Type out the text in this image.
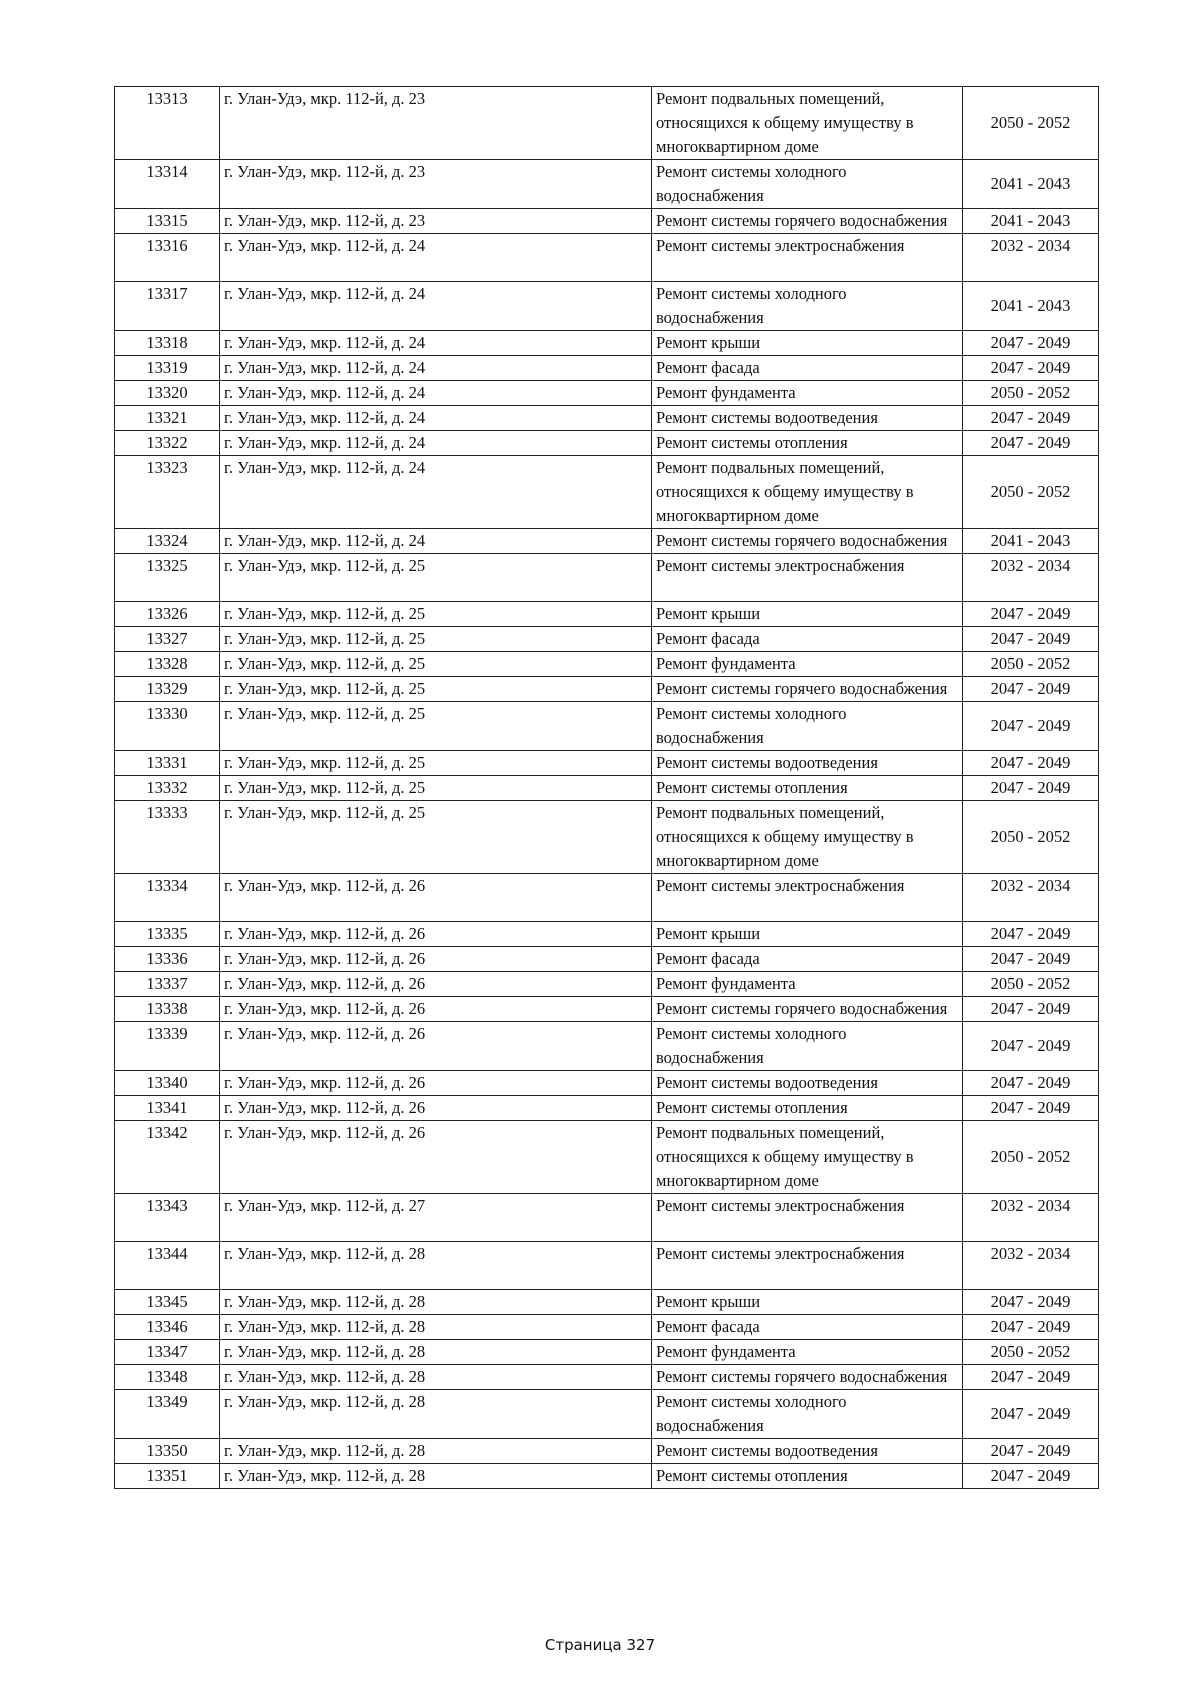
13313	г. Улан-Удэ, мкр. 112-й, д. 23	Ремонт подвальных помещений, относящихся к общему имуществу в многоквартирном доме	2050 - 2052
13314	г. Улан-Удэ, мкр. 112-й, д. 23	Ремонт системы холодного водоснабжения	2041 - 2043
13315	г. Улан-Удэ, мкр. 112-й, д. 23	Ремонт системы горячего водоснабжения	2041 - 2043
13316	г. Улан-Удэ, мкр. 112-й, д. 24	Ремонт системы электроснабжения	2032 - 2034
13317	г. Улан-Удэ, мкр. 112-й, д. 24	Ремонт системы холодного водоснабжения	2041 - 2043
13318	г. Улан-Удэ, мкр. 112-й, д. 24	Ремонт крыши	2047 - 2049
13319	г. Улан-Удэ, мкр. 112-й, д. 24	Ремонт фасада	2047 - 2049
13320	г. Улан-Удэ, мкр. 112-й, д. 24	Ремонт фундамента	2050 - 2052
13321	г. Улан-Удэ, мкр. 112-й, д. 24	Ремонт системы водоотведения	2047 - 2049
13322	г. Улан-Удэ, мкр. 112-й, д. 24	Ремонт системы отопления	2047 - 2049
13323	г. Улан-Удэ, мкр. 112-й, д. 24	Ремонт подвальных помещений, относящихся к общему имуществу в многоквартирном доме	2050 - 2052
13324	г. Улан-Удэ, мкр. 112-й, д. 24	Ремонт системы горячего водоснабжения	2041 - 2043
13325	г. Улан-Удэ, мкр. 112-й, д. 25	Ремонт системы электроснабжения	2032 - 2034
13326	г. Улан-Удэ, мкр. 112-й, д. 25	Ремонт крыши	2047 - 2049
13327	г. Улан-Удэ, мкр. 112-й, д. 25	Ремонт фасада	2047 - 2049
13328	г. Улан-Удэ, мкр. 112-й, д. 25	Ремонт фундамента	2050 - 2052
13329	г. Улан-Удэ, мкр. 112-й, д. 25	Ремонт системы горячего водоснабжения	2047 - 2049
13330	г. Улан-Удэ, мкр. 112-й, д. 25	Ремонт системы холодного водоснабжения	2047 - 2049
13331	г. Улан-Удэ, мкр. 112-й, д. 25	Ремонт системы водоотведения	2047 - 2049
13332	г. Улан-Удэ, мкр. 112-й, д. 25	Ремонт системы отопления	2047 - 2049
13333	г. Улан-Удэ, мкр. 112-й, д. 25	Ремонт подвальных помещений, относящихся к общему имуществу в многоквартирном доме	2050 - 2052
13334	г. Улан-Удэ, мкр. 112-й, д. 26	Ремонт системы электроснабжения	2032 - 2034
13335	г. Улан-Удэ, мкр. 112-й, д. 26	Ремонт крыши	2047 - 2049
13336	г. Улан-Удэ, мкр. 112-й, д. 26	Ремонт фасада	2047 - 2049
13337	г. Улан-Удэ, мкр. 112-й, д. 26	Ремонт фундамента	2050 - 2052
13338	г. Улан-Удэ, мкр. 112-й, д. 26	Ремонт системы горячего водоснабжения	2047 - 2049
13339	г. Улан-Удэ, мкр. 112-й, д. 26	Ремонт системы холодного водоснабжения	2047 - 2049
13340	г. Улан-Удэ, мкр. 112-й, д. 26	Ремонт системы водоотведения	2047 - 2049
13341	г. Улан-Удэ, мкр. 112-й, д. 26	Ремонт системы отопления	2047 - 2049
13342	г. Улан-Удэ, мкр. 112-й, д. 26	Ремонт подвальных помещений, относящихся к общему имуществу в многоквартирном доме	2050 - 2052
13343	г. Улан-Удэ, мкр. 112-й, д. 27	Ремонт системы электроснабжения	2032 - 2034
13344	г. Улан-Удэ, мкр. 112-й, д. 28	Ремонт системы электроснабжения	2032 - 2034
13345	г. Улан-Удэ, мкр. 112-й, д. 28	Ремонт крыши	2047 - 2049
13346	г. Улан-Удэ, мкр. 112-й, д. 28	Ремонт фасада	2047 - 2049
13347	г. Улан-Удэ, мкр. 112-й, д. 28	Ремонт фундамента	2050 - 2052
13348	г. Улан-Удэ, мкр. 112-й, д. 28	Ремонт системы горячего водоснабжения	2047 - 2049
13349	г. Улан-Удэ, мкр. 112-й, д. 28	Ремонт системы холодного водоснабжения	2047 - 2049
13350	г. Улан-Удэ, мкр. 112-й, д. 28	Ремонт системы водоотведения	2047 - 2049
13351	г. Улан-Удэ, мкр. 112-й, д. 28	Ремонт системы отопления	2047 - 2049
Страница 327
